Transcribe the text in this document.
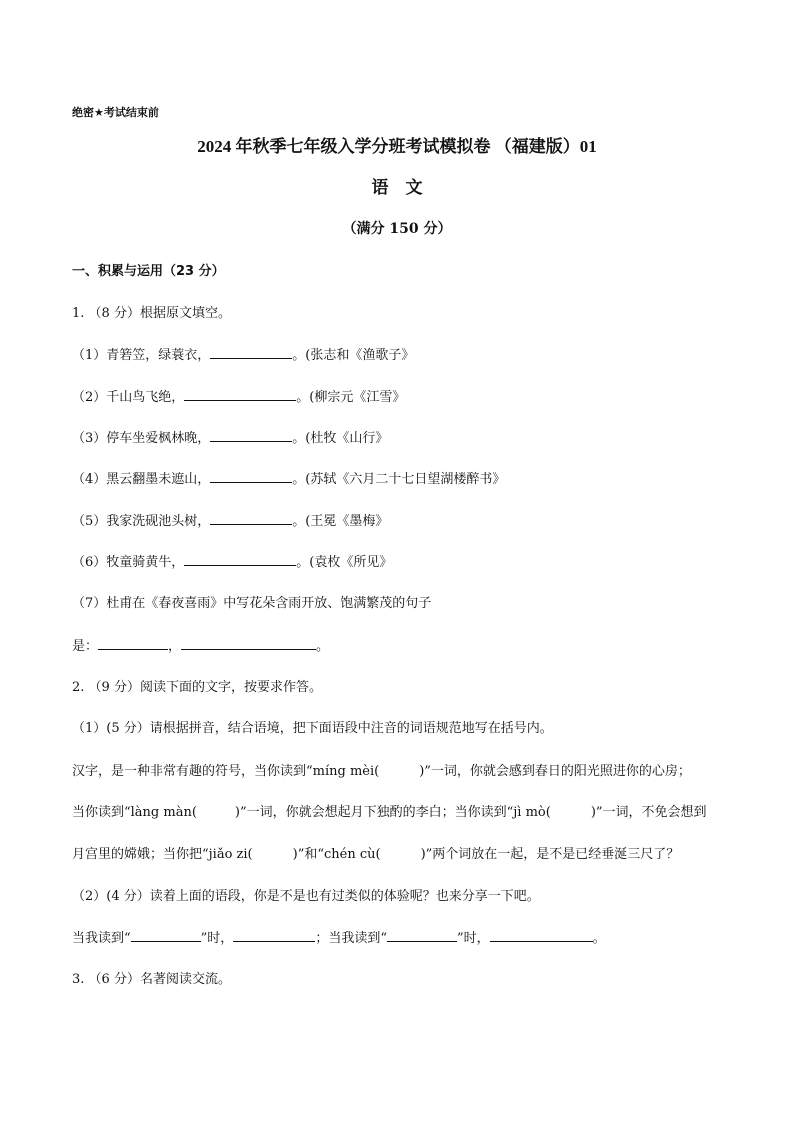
绝密★考试结束前
2024 年秋季七年级入学分班考试模拟卷 （福建版）01
语　文
（满分 150 分）
一、积累与运用（23 分）
1. （8 分）根据原文填空。
（1）青箬笠，绿蓑衣，	。(张志和《渔歌子》
（2）千山鸟飞绝，	。(柳宗元《江雪》
（3）停车坐爱枫林晚，	。(杜牧《山行》
（4）黑云翻墨未遮山，	。(苏轼《六月二十七日望湖楼醉书》
（5）我家洗砚池头树，	。(王冕《墨梅》
（6）牧童骑黄牛，	。(袁枚《所见》
（7）杜甫在《春夜喜雨》中写花朵含雨开放、饱满繁茂的句子
是：	，	。
2. （9 分）阅读下面的文字，按要求作答。
（1）(5 分）请根据拼音，结合语境，把下面语段中注音的词语规范地写在括号内。
汉字，是一种非常有趣的符号，当你读到“míng mèi(	)”一词，你就会感到春日的阳光照进你的心房；
当你读到“làng màn(	)”一词，你就会想起月下独酌的李白；当你读到“jì mò(	)”一词，不免会想到
月宫里的嫦娥；当你把“jiǎo zi(	)”和“chén cù(	)”两个词放在一起，是不是已经垂涎三尺了？
（2）(4 分）读着上面的语段，你是不是也有过类似的体验呢？也来分享一下吧。
当我读到“	”时，	；当我读到“	”时，	。
3. （6 分）名著阅读交流。
